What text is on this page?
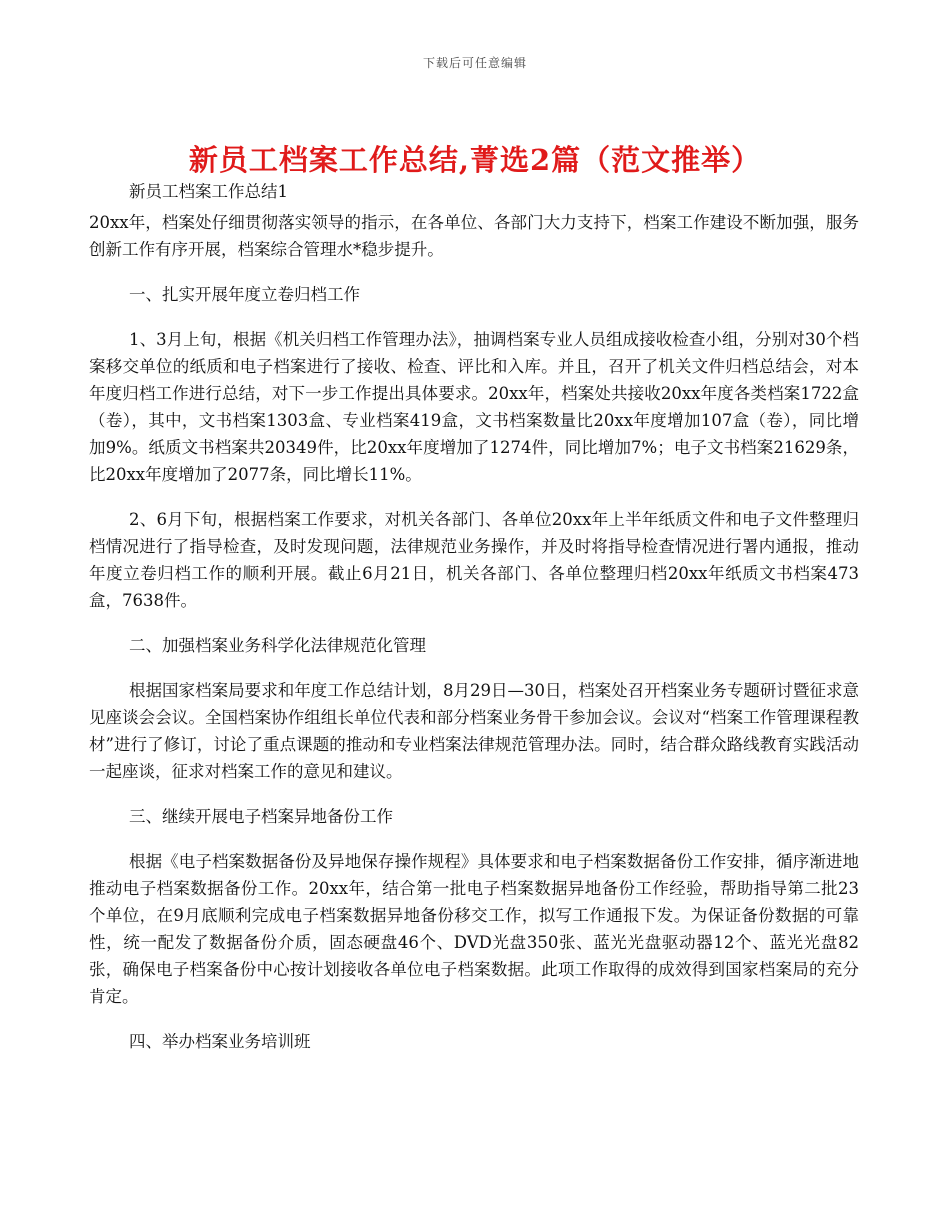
下载后可任意编辑
新员工档案工作总结,菁选2篇（范文推举）

新员工档案工作总结1

20xx年，档案处仔细贯彻落实领导的指示，在各单位、各部门大力支持下，档案工作建设不断加强，服务创新工作有序开展，档案综合管理水*稳步提升。

一、扎实开展年度立卷归档工作

1、3月上旬，根据《机关归档工作管理办法》，抽调档案专业人员组成接收检查小组，分别对30个档案移交单位的纸质和电子档案进行了接收、检查、评比和入库。并且，召开了机关文件归档总结会，对本年度归档工作进行总结，对下一步工作提出具体要求。20xx年，档案处共接收20xx年度各类档案1722盒（卷），其中，文书档案1303盒、专业档案419盒，文书档案数量比20xx年度增加107盒（卷），同比增加9%。纸质文书档案共20349件，比20xx年度增加了1274件，同比增加7%；电子文书档案21629条，比20xx年度增加了2077条，同比增长11%。

2、6月下旬，根据档案工作要求，对机关各部门、各单位20xx年上半年纸质文件和电子文件整理归档情况进行了指导检查，及时发现问题，法律规范业务操作，并及时将指导检查情况进行署内通报，推动年度立卷归档工作的顺利开展。截止6月21日，机关各部门、各单位整理归档20xx年纸质文书档案473盒，7638件。

二、加强档案业务科学化法律规范化管理

根据国家档案局要求和年度工作总结计划，8月29日—30日，档案处召开档案业务专题研讨暨征求意见座谈会会议。全国档案协作组组长单位代表和部分档案业务骨干参加会议。会议对“档案工作管理课程教材”进行了修订，讨论了重点课题的推动和专业档案法律规范管理办法。同时，结合群众路线教育实践活动一起座谈，征求对档案工作的意见和建议。

三、继续开展电子档案异地备份工作

根据《电子档案数据备份及异地保存操作规程》具体要求和电子档案数据备份工作安排，循序渐进地推动电子档案数据备份工作。20xx年，结合第一批电子档案数据异地备份工作经验，帮助指导第二批23个单位，在9月底顺利完成电子档案数据异地备份移交工作，拟写工作通报下发。为保证备份数据的可靠性，统一配发了数据备份介质，固态硬盘46个、DVD光盘350张、蓝光光盘驱动器12个、蓝光光盘82张，确保电子档案备份中心按计划接收各单位电子档案数据。此项工作取得的成效得到国家档案局的充分肯定。

四、举办档案业务培训班
